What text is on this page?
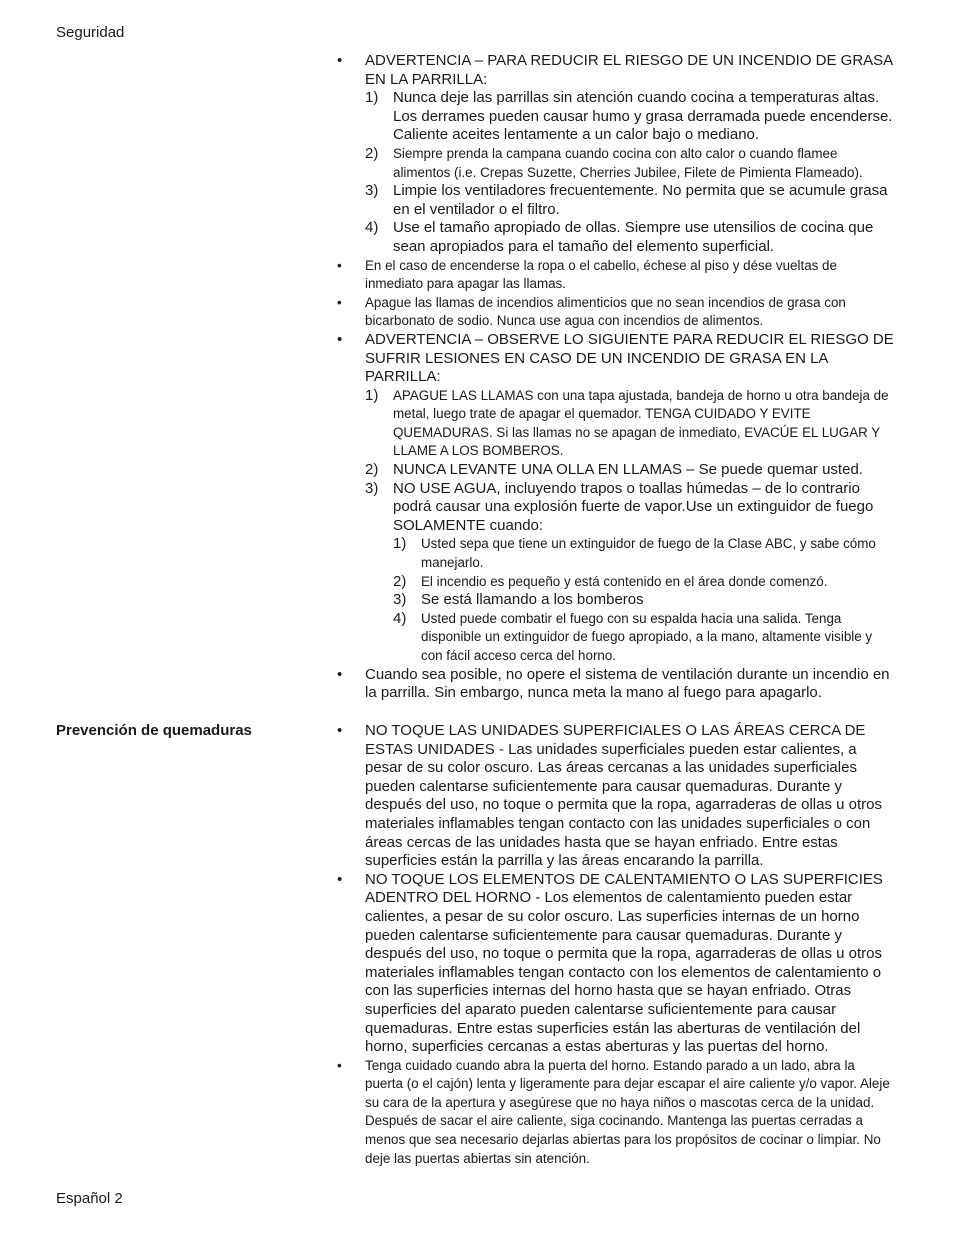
Seguridad
• ADVERTENCIA – PARA REDUCIR EL RIESGO DE UN INCENDIO DE GRASA EN LA PARRILLA:
1) Nunca deje las parrillas sin atención cuando cocina a temperaturas altas. Los derrames pueden causar humo y grasa derramada puede encenderse. Caliente aceites lentamente a un calor bajo o mediano.
2) Siempre prenda la campana cuando cocina con alto calor o cuando flamee alimentos (i.e. Crepas Suzette, Cherries Jubilee, Filete de Pimienta Flameado).
3) Limpie los ventiladores frecuentemente. No permita que se acumule grasa en el ventilador o el filtro.
4) Use el tamaño apropiado de ollas. Siempre use utensilios de cocina que sean apropiados para el tamaño del elemento superficial.
• En el caso de encenderse la ropa o el cabello, échese al piso y dése vueltas de inmediato para apagar las llamas.
• Apague las llamas de incendios alimenticios que no sean incendios de grasa con bicarbonato de sodio. Nunca use agua con incendios de alimentos.
• ADVERTENCIA – OBSERVE LO SIGUIENTE PARA REDUCIR EL RIESGO DE SUFRIR LESIONES EN CASO DE UN INCENDIO DE GRASA EN LA PARRILLA:
1) APAGUE LAS LLAMAS con una tapa ajustada, bandeja de horno u otra bandeja de metal, luego trate de apagar el quemador. TENGA CUIDADO Y EVITE QUEMADURAS. Si las llamas no se apagan de inmediato, EVACÚE EL LUGAR Y LLAME A LOS BOMBEROS.
2) NUNCA LEVANTE UNA OLLA EN LLAMAS – Se puede quemar usted.
3) NO USE AGUA, incluyendo trapos o toallas húmedas – de lo contrario podrá causar una explosión fuerte de vapor.Use un extinguidor de fuego SOLAMENTE cuando:
1) Usted sepa que tiene un extinguidor de fuego de la Clase ABC, y sabe cómo manejarlo.
2) El incendio es pequeño y está contenido en el área donde comenzó.
3) Se está llamando a los bomberos
4) Usted puede combatir el fuego con su espalda hacia una salida. Tenga disponible un extinguidor de fuego apropiado, a la mano, altamente visible y con fácil acceso cerca del horno.
• Cuando sea posible, no opere el sistema de ventilación durante un incendio en la parrilla. Sin embargo, nunca meta la mano al fuego para apagarlo.
Prevención de quemaduras
•	NO TOQUE LAS UNIDADES SUPERFICIALES O LAS ÁREAS CERCA DE ESTAS UNIDADES - Las unidades superficiales pueden estar calientes, a pesar de su color oscuro. Las áreas cercanas a las unidades superficiales pueden calentarse suficientemente para causar quemaduras. Durante y después del uso, no toque o permita que la ropa, agarraderas de ollas u otros materiales inflamables tengan contacto con las unidades superficiales o con áreas cercas de las unidades hasta que se hayan enfriado. Entre estas superficies están la parrilla y las áreas encarando la parrilla.
• NO TOQUE LOS ELEMENTOS DE CALENTAMIENTO O LAS SUPERFICIES ADENTRO DEL HORNO - Los elementos de calentamiento pueden estar calientes, a pesar de su color oscuro. Las superficies internas de un horno pueden calentarse suficientemente para causar quemaduras. Durante y después del uso, no toque o permita que la ropa, agarraderas de ollas u otros materiales inflamables tengan contacto con los elementos de calentamiento o con las superficies internas del horno hasta que se hayan enfriado. Otras superficies del aparato pueden calentarse suficientemente para causar quemaduras. Entre estas superficies están las aberturas de ventilación del horno, superficies cercanas a estas aberturas y las puertas del horno.
• Tenga cuidado cuando abra la puerta del horno. Estando parado a un lado, abra la puerta (o el cajón) lenta y ligeramente para dejar escapar el aire caliente y/o vapor. Aleje su cara de la apertura y asegúrese que no haya niños o mascotas cerca de la unidad. Después de sacar el aire caliente, siga cocinando. Mantenga las puertas cerradas a menos que sea necesario dejarlas abiertas para los propósitos de cocinar o limpiar. No deje las puertas abiertas sin atención.
Español 2
